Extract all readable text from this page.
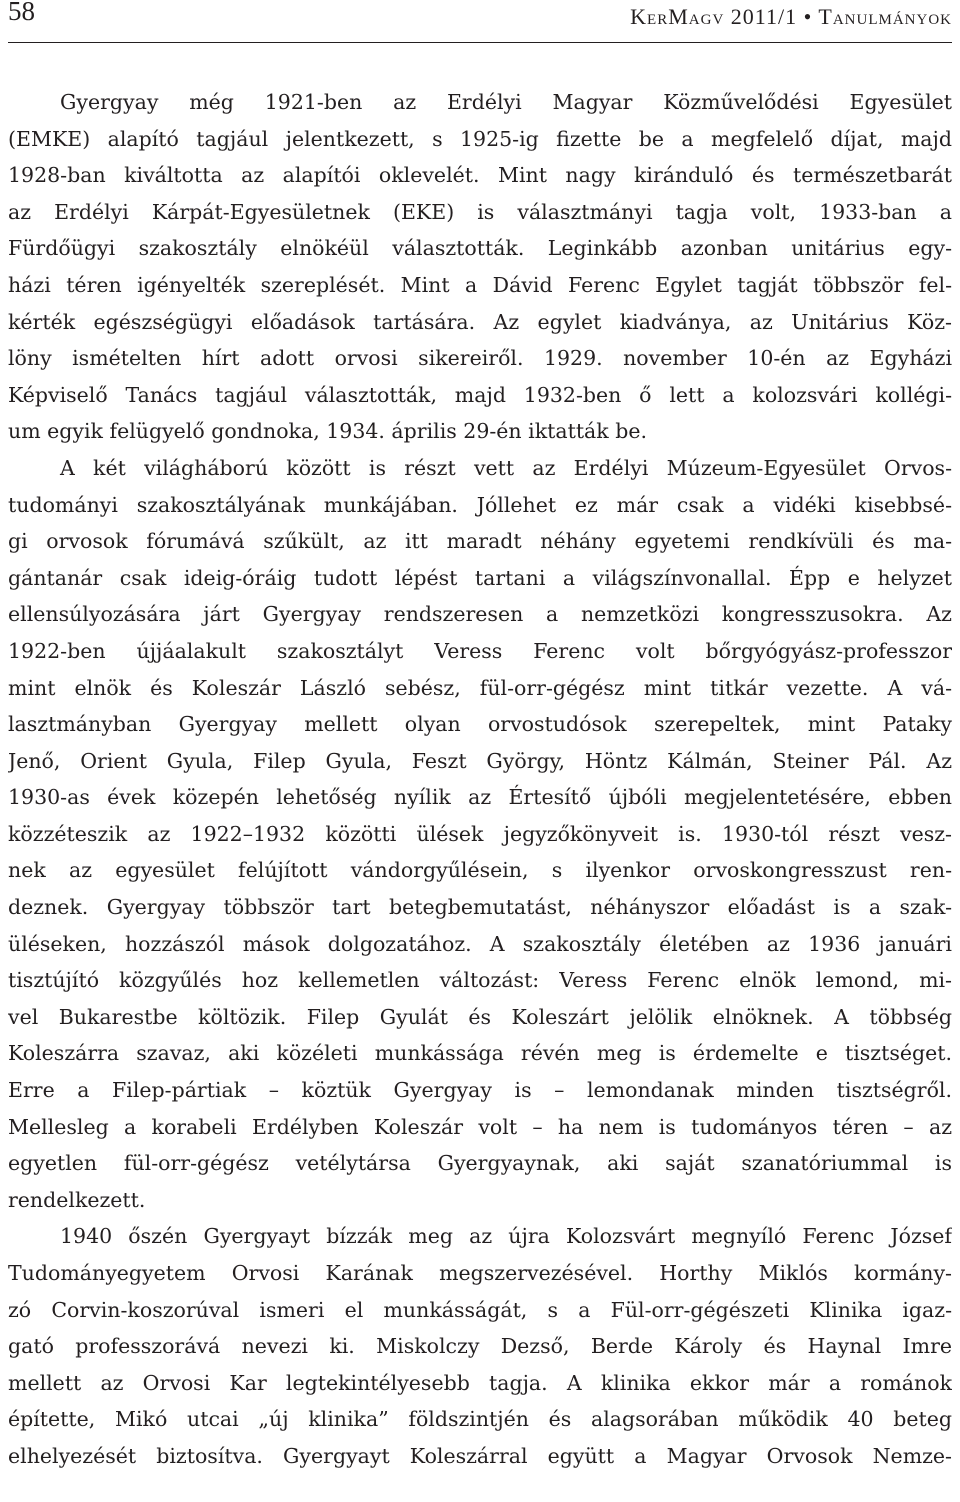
58	KerMagv 2011/1 • Tanulmányok
Gyergyay még 1921-ben az Erdélyi Magyar Közművelődési Egyesület
(EMKE) alapító tagjául jelentkezett, s 1925-ig fizette be a megfelelő díjat, majd
1928-ban kiváltotta az alapítói oklevelét. Mint nagy kiránduló és természetbarát
az Erdélyi Kárpát-Egyesületnek (EKE) is választmányi tagja volt, 1933-ban a
Fürdőügyi szakosztály elnökéül választották. Leginkább azonban unitárius egy-
házi téren igényelték szereplését. Mint a Dávid Ferenc Egylet tagját többször fel-
kérték egészségügyi előadások tartására. Az egylet kiadványa, az Unitárius Köz-
löny ismételten hírt adott orvosi sikereiről. 1929. november 10-én az Egyházi
Képviselő Tanács tagjául választották, majd 1932-ben ő lett a kolozsvári kollégi-
um egyik felügyelő gondnoka, 1934. április 29-én iktatták be.
A két világháború között is részt vett az Erdélyi Múzeum-Egyesület Orvos-
tudományi szakosztályának munkájában. Jóllehet ez már csak a vidéki kisebbsé-
gi orvosok fórumává szűkült, az itt maradt néhány egyetemi rendkívüli és ma-
gántanár csak ideig-óráig tudott lépést tartani a világszínvonallal. Épp e helyzet
ellensúlyozására járt Gyergyay rendszeresen a nemzetközi kongresszusokra. Az
1922-ben újjáalakult szakosztályt Veress Ferenc volt bőrgyógyász-professzor
mint elnök és Koleszár László sebész, fül-orr-gégész mint titkár vezette. A vá-
lasztmányban Gyergyay mellett olyan orvostudósok szerepeltek, mint Pataky
Jenő, Orient Gyula, Filep Gyula, Feszt György, Höntz Kálmán, Steiner Pál. Az
1930-as évek közepén lehetőség nyílik az Értesítő újbóli megjelentetésére, ebben
közzéteszik az 1922–1932 közötti ülések jegyzőkönyveit is. 1930-tól részt vesz-
nek az egyesület felújított vándorgyűlésein, s ilyenkor orvoskongresszust ren-
deznek. Gyergyay többször tart betegbemutatást, néhányszor előadást is a szak-
üléseken, hozzászól mások dolgozatához. A szakosztály életében az 1936 januári
tisztújító közgyűlés hoz kellemetlen változást: Veress Ferenc elnök lemond, mi-
vel Bukarestbe költözik. Filep Gyulát és Koleszárt jelölik elnöknek. A többség
Koleszárra szavaz, aki közéleti munkássága révén meg is érdemelte e tisztséget.
Erre a Filep-pártiak – köztük Gyergyay is – lemondanak minden tisztségről.
Mellesleg a korabeli Erdélyben Koleszár volt – ha nem is tudományos téren – az
egyetlen fül-orr-gégész vetélytársa Gyergyaynak, aki saját szanatóriummal is
rendelkezett.
1940 őszén Gyergyayt bízzák meg az újra Kolozsvárt megnyíló Ferenc József
Tudományegyetem Orvosi Karának megszervezésével. Horthy Miklós kormány-
zó Corvin-koszorúval ismeri el munkásságát, s a Fül-orr-gégészeti Klinika igaz-
gató professzorává nevezi ki. Miskolczy Dezső, Berde Károly és Haynal Imre
mellett az Orvosi Kar legtekintélyesebb tagja. A klinika ekkor már a románok
építette, Mikó utcai „új klinika” földszintjén és alagsorában működik 40 beteg
elhelyezését biztosítva. Gyergyayt Koleszárral együtt a Magyar Orvosok Nemze-
